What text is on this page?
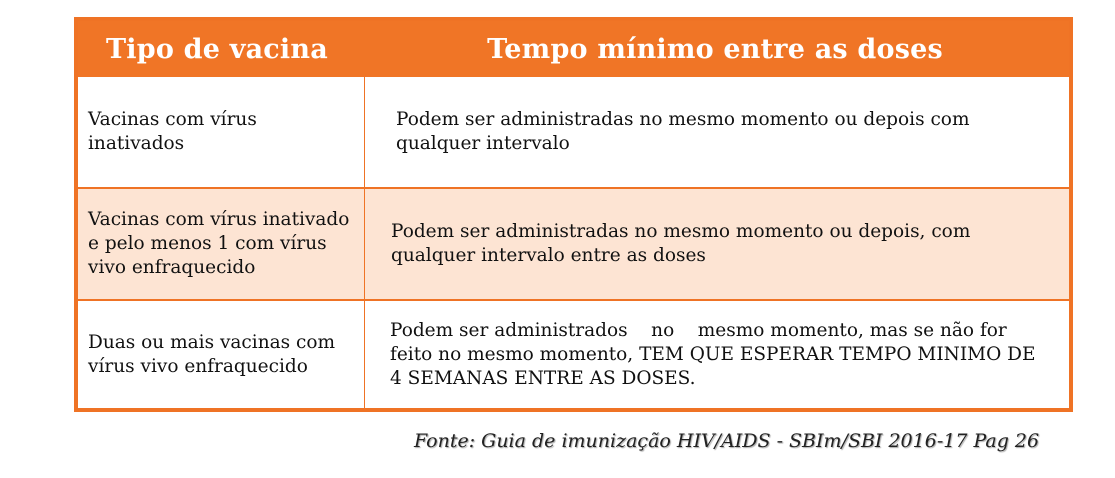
Tipo de vacina	Tempo mínimo entre as doses
Vacinas com vírus inativados
Podem ser administradas no mesmo momento ou depois com qualquer intervalo
Vacinas com vírus inativado e pelo menos 1 com vírus vivo enfraquecido
Podem ser administradas no mesmo momento ou depois, com qualquer intervalo entre as doses
Duas ou mais vacinas com vírus vivo enfraquecido
Podem ser administrados    no    mesmo momento, mas se não for feito no mesmo momento, TEM QUE ESPERAR TEMPO MINIMO DE 4 SEMANAS ENTRE AS DOSES.
Fonte: Guia de imunização HIV/AIDS - SBIm/SBI 2016-17 Pag 26
